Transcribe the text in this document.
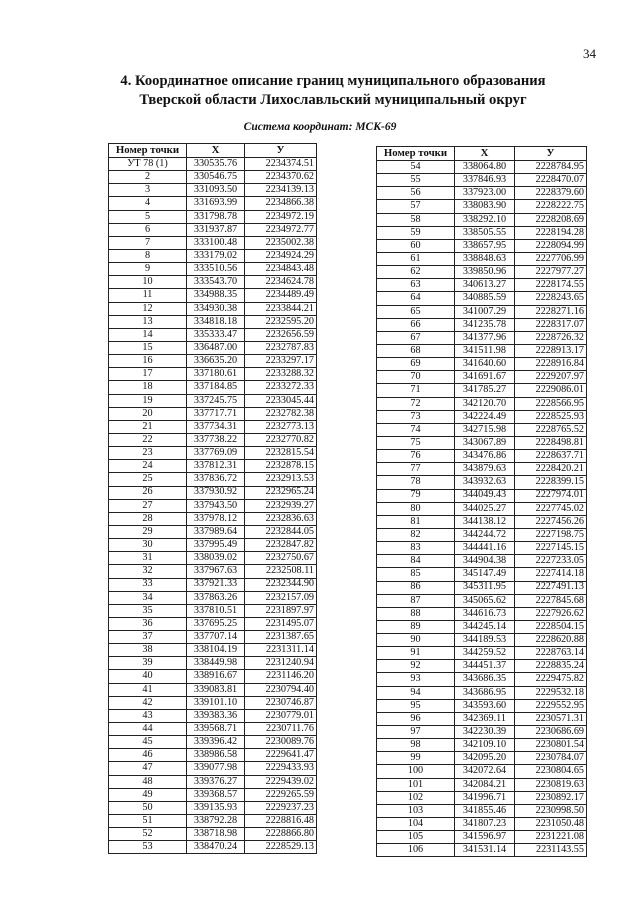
34
4. Координатное описание границ муниципального образования
Тверской области Лихославльский муниципальный округ
Система координат: МСК-69
Номер точки	X	У
УТ 78 (1)	330535.76	2234374.51
2	330546.75	2234370.62
3	331093.50	2234139.13
4	331693.99	2234866.38
5	331798.78	2234972.19
6	331937.87	2234972.77
7	333100.48	2235002.38
8	333179.02	2234924.29
9	333510.56	2234843.48
10	333543.70	2234624.78
11	334988.35	2234489.49
12	334930.38	2233844.21
13	334818.18	2232595.20
14	335333.47	2232656.59
15	336487.00	2232787.83
16	336635.20	2233297.17
17	337180.61	2233288.32
18	337184.85	2233272.33
19	337245.75	2233045.44
20	337717.71	2232782.38
21	337734.31	2232773.13
22	337738.22	2232770.82
23	337769.09	2232815.54
24	337812.31	2232878.15
25	337836.72	2232913.53
26	337930.92	2232965.24
27	337943.50	2232939.27
28	337978.12	2232836.63
29	337989.64	2232844.05
30	337995.49	2232847.82
31	338039.02	2232750.67
32	337967.63	2232508.11
33	337921.33	2232344.90
34	337863.26	2232157.09
35	337810.51	2231897.97
36	337695.25	2231495.07
37	337707.14	2231387.65
38	338104.19	2231311.14
39	338449.98	2231240.94
40	338916.67	2231146.20
41	339083.81	2230794.40
42	339101.10	2230746.87
43	339383.36	2230779.01
44	339568.71	2230711.76
45	339396.42	2230089.76
46	338986.58	2229641.47
47	339077.98	2229433.93
48	339376.27	2229439.02
49	339368.57	2229265.59
50	339135.93	2229237.23
51	338792.28	2228816.48
52	338718.98	2228866.80
53	338470.24	2228529.13
Номер точки	X	У
54	338064.80	2228784.95
55	337846.93	2228470.07
56	337923.00	2228379.60
57	338083.90	2228222.75
58	338292.10	2228208.69
59	338505.55	2228194.28
60	338657.95	2228094.99
61	338848.63	2227706.99
62	339850.96	2227977.27
63	340613.27	2228174.55
64	340885.59	2228243.65
65	341007.29	2228271.16
66	341235.78	2228317.07
67	341377.96	2228726.32
68	341511.98	2228913.17
69	341640.60	2228916.84
70	341691.67	2229207.97
71	341785.27	2229086.01
72	342120.70	2228566.95
73	342224.49	2228525.93
74	342715.98	2228765.52
75	343067.89	2228498.81
76	343476.86	2228637.71
77	343879.63	2228420.21
78	343932.63	2228399.15
79	344049.43	2227974.01
80	344025.27	2227745.02
81	344138.12	2227456.26
82	344244.72	2227198.75
83	344441.16	2227145.15
84	344904.38	2227233.05
85	345147.49	2227414.18
86	345311.95	2227491.13
87	345065.62	2227845.68
88	344616.73	2227926.62
89	344245.14	2228504.15
90	344189.53	2228620.88
91	344259.52	2228763.14
92	344451.37	2228835.24
93	343686.35	2229475.82
94	343686.95	2229532.18
95	343593.60	2229552.95
96	342369.11	2230571.31
97	342230.39	2230686.69
98	342109.10	2230801.54
99	342095.20	2230784.07
100	342072.64	2230804.65
101	342084.21	2230819.63
102	341996.71	2230892.17
103	341855.46	2230998.50
104	341807.23	2231050.48
105	341596.97	2231221.08
106	341531.14	2231143.55
